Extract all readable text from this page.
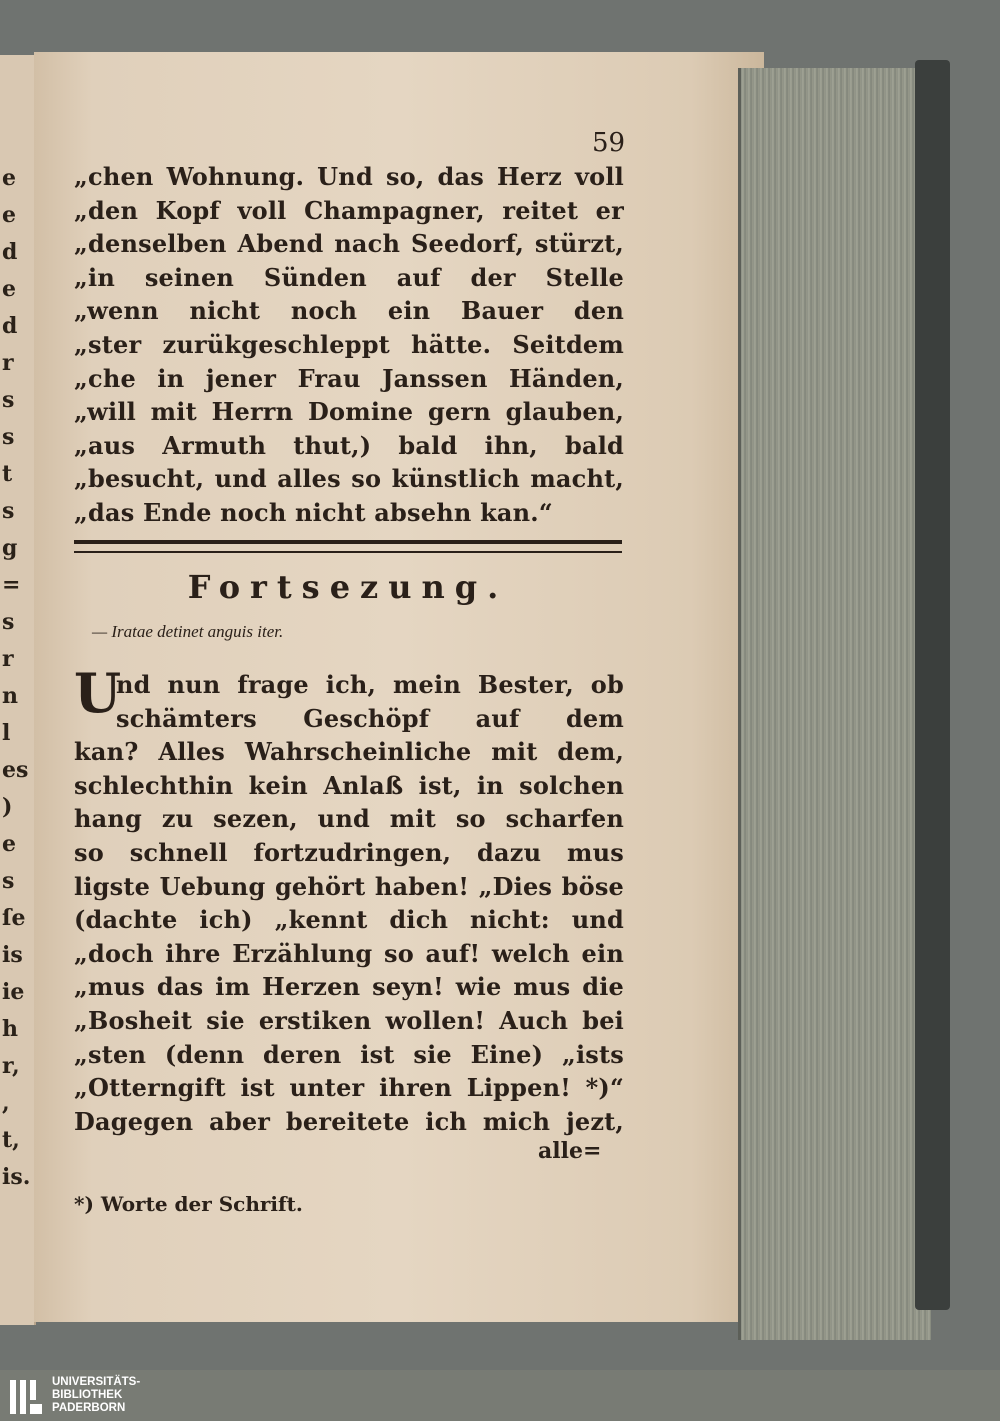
e
e
d
e
d
r
s
s
t
s
g
=
s
r
n
l
es
)
e
s
ſe
is
ie
h
r,
,
t,
is.

59

„chen Wohnung. Und so, das Herz voll

„den Kopf voll Champagner, reitet er

„denselben Abend nach Seedorf, stürzt,

„in seinen Sünden auf der Stelle

„wenn nicht noch ein Bauer den

„ster zurükgeschleppt hätte. Seitdem

„che in jener Frau Janssen Händen,

„will mit Herrn Domine gern glauben,

„aus Armuth thut,) bald ihn, bald

„besucht, und alles so künstlich macht,

„das Ende noch nicht absehn kan.“

Fortsezung.

— Iratae detinet anguis iter.

U

nd nun frage ich, mein Bester, ob

schämters Geschöpf auf dem

kan? Alles Wahrscheinliche mit dem,

schlechthin kein Anlaß ist, in solchen

hang zu sezen, und mit so scharfen

so schnell fortzudringen, dazu mus

ligste Uebung gehört haben! „Dies böse

(dachte ich) „kennt dich nicht: und

„doch ihre Erzählung so auf! welch ein

„mus das im Herzen seyn! wie mus die

„Bosheit sie erstiken wollen! Auch bei

„sten (denn deren ist sie Eine) „ists

„Otterngift ist unter ihren Lippen! *)“

Dagegen aber bereitete ich mich jezt,

alle=

*) Worte der Schrift.

UNIVERSITÄTS-
BIBLIOTHEK
PADERBORN
